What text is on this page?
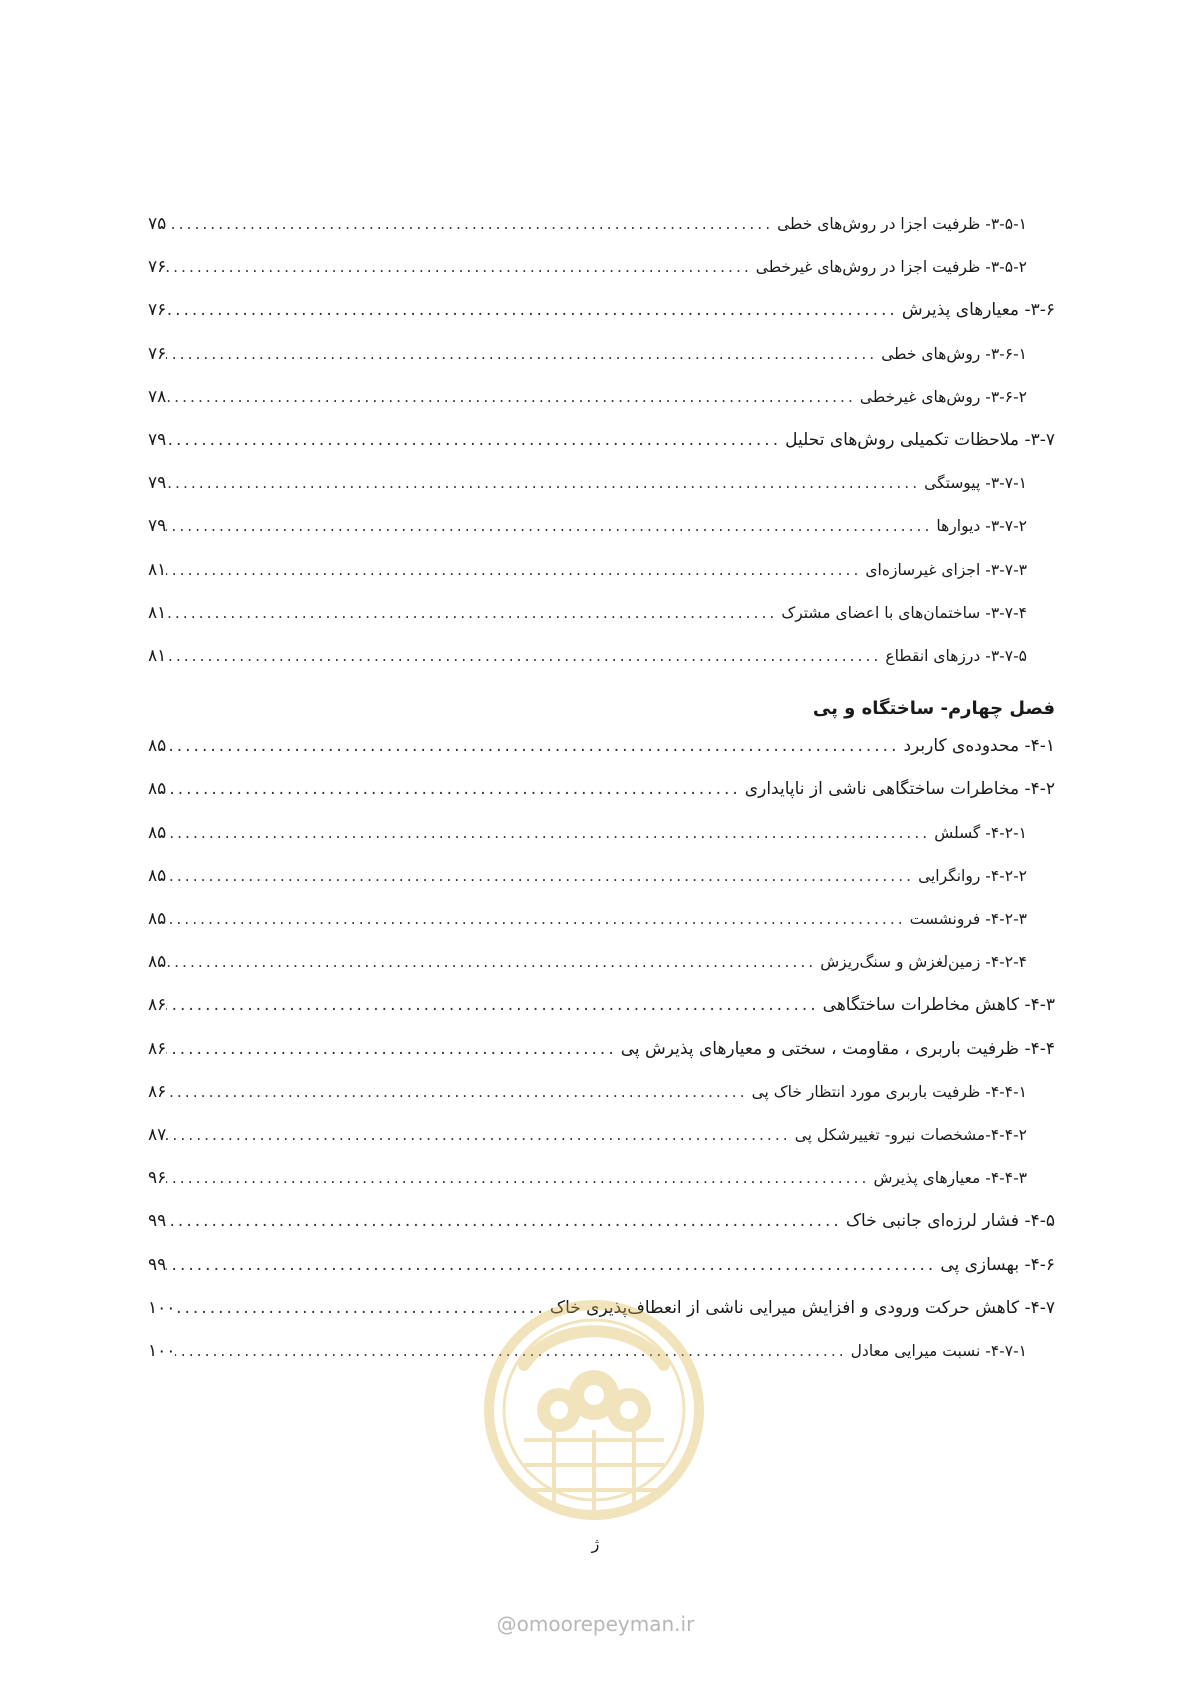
۳-۵-۱- ظرفیت اجزا در روش‌های خطی
.....
۷۵
۳-۵-۲- ظرفیت اجزا در روش‌های غیرخطی
.....
۷۶
۳-۶- معیارهای پذیرش
.....
۷۶
۳-۶-۱- روش‌های خطی
.....
۷۶
۳-۶-۲- روش‌های غیرخطی
.....
۷۸
۳-۷- ملاحظات تکمیلی روش‌های تحلیل
.....
۷۹
۳-۷-۱- پیوستگی
.....
۷۹
۳-۷-۲- دیوارها
.....
۷۹
۳-۷-۳- اجزای غیرسازه‌ای
.....
۸۱
۳-۷-۴- ساختمان‌های با اعضای مشترک
.....
۸۱
۳-۷-۵- درزهای انقطاع
.....
۸۱
فصل چهارم- ساختگاه و پی
۴-۱- محدوده‌ی کاربرد
.....
۸۵
۴-۲- مخاطرات ساختگاهی ناشی از ناپایداری
.....
۸۵
۴-۲-۱- گسلش
.....
۸۵
۴-۲-۲- روانگرایی
.....
۸۵
۴-۲-۳- فرونشست
.....
۸۵
۴-۲-۴- زمین‌لغزش و سنگ‌ریزش
.....
۸۵
۴-۳- کاهش مخاطرات ساختگاهی
.....
۸۶
۴-۴- ظرفیت باربری ، مقاومت ، سختی و معیارهای پذیرش پی
.....
۸۶
۴-۴-۱- ظرفیت باربری مورد انتظار خاک پی
.....
۸۶
۴-۴-۲-مشخصات نیرو- تغییرشکل پی
.....
۸۷
۴-۴-۳- معیارهای پذیرش
.....
۹۶
۴-۵- فشار لرزه‌ای جانبی خاک
.....
۹۹
۴-۶- بهسازی پی
.....
۹۹
۴-۷- کاهش حرکت ورودی و افزایش میرایی ناشی از انعطاف‌پذیری خاک
.....
۱۰۰
۴-۷-۱- نسبت میرایی معادل
.....
۱۰۰
ژ
@omoorepeyman.ir
